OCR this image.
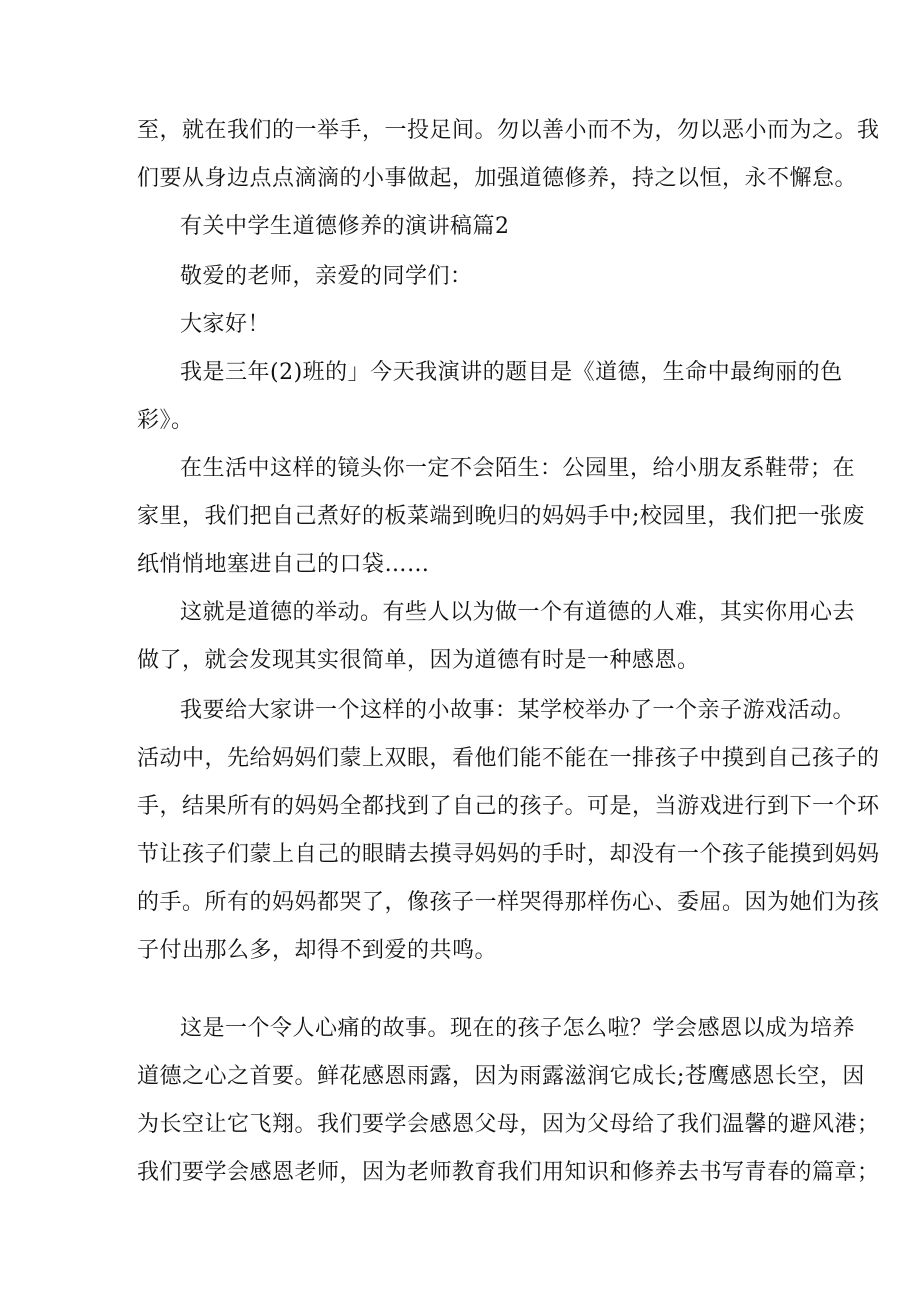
至，就在我们的一举手，一投足间。勿以善小而不为，勿以恶小而为之。我
们要从身边点点滴滴的小事做起，加强道德修养，持之以恒，永不懈怠。
有关中学生道德修养的演讲稿篇2
敬爱的老师，亲爱的同学们：
大家好！
我是三年(2)班的」今天我演讲的题目是《道德，生命中最绚丽的色
彩》。
在生活中这样的镜头你一定不会陌生：公园里，给小朋友系鞋带；在
家里，我们把自己煮好的板菜端到晚归的妈妈手中;校园里，我们把一张废
纸悄悄地塞进自己的口袋……
这就是道德的举动。有些人以为做一个有道德的人难，其实你用心去
做了，就会发现其实很简单，因为道德有时是一种感恩。
我要给大家讲一个这样的小故事：某学校举办了一个亲子游戏活动。
活动中，先给妈妈们蒙上双眼，看他们能不能在一排孩子中摸到自己孩子的
手，结果所有的妈妈全都找到了自己的孩子。可是，当游戏进行到下一个环
节让孩子们蒙上自己的眼睛去摸寻妈妈的手时，却没有一个孩子能摸到妈妈
的手。所有的妈妈都哭了，像孩子一样哭得那样伤心、委屈。因为她们为孩
子付出那么多，却得不到爱的共鸣。
这是一个令人心痛的故事。现在的孩子怎么啦？学会感恩以成为培养
道德之心之首要。鲜花感恩雨露，因为雨露滋润它成长;苍鹰感恩长空，因
为长空让它飞翔。我们要学会感恩父母，因为父母给了我们温馨的避风港；
我们要学会感恩老师，因为老师教育我们用知识和修养去书写青春的篇章；
